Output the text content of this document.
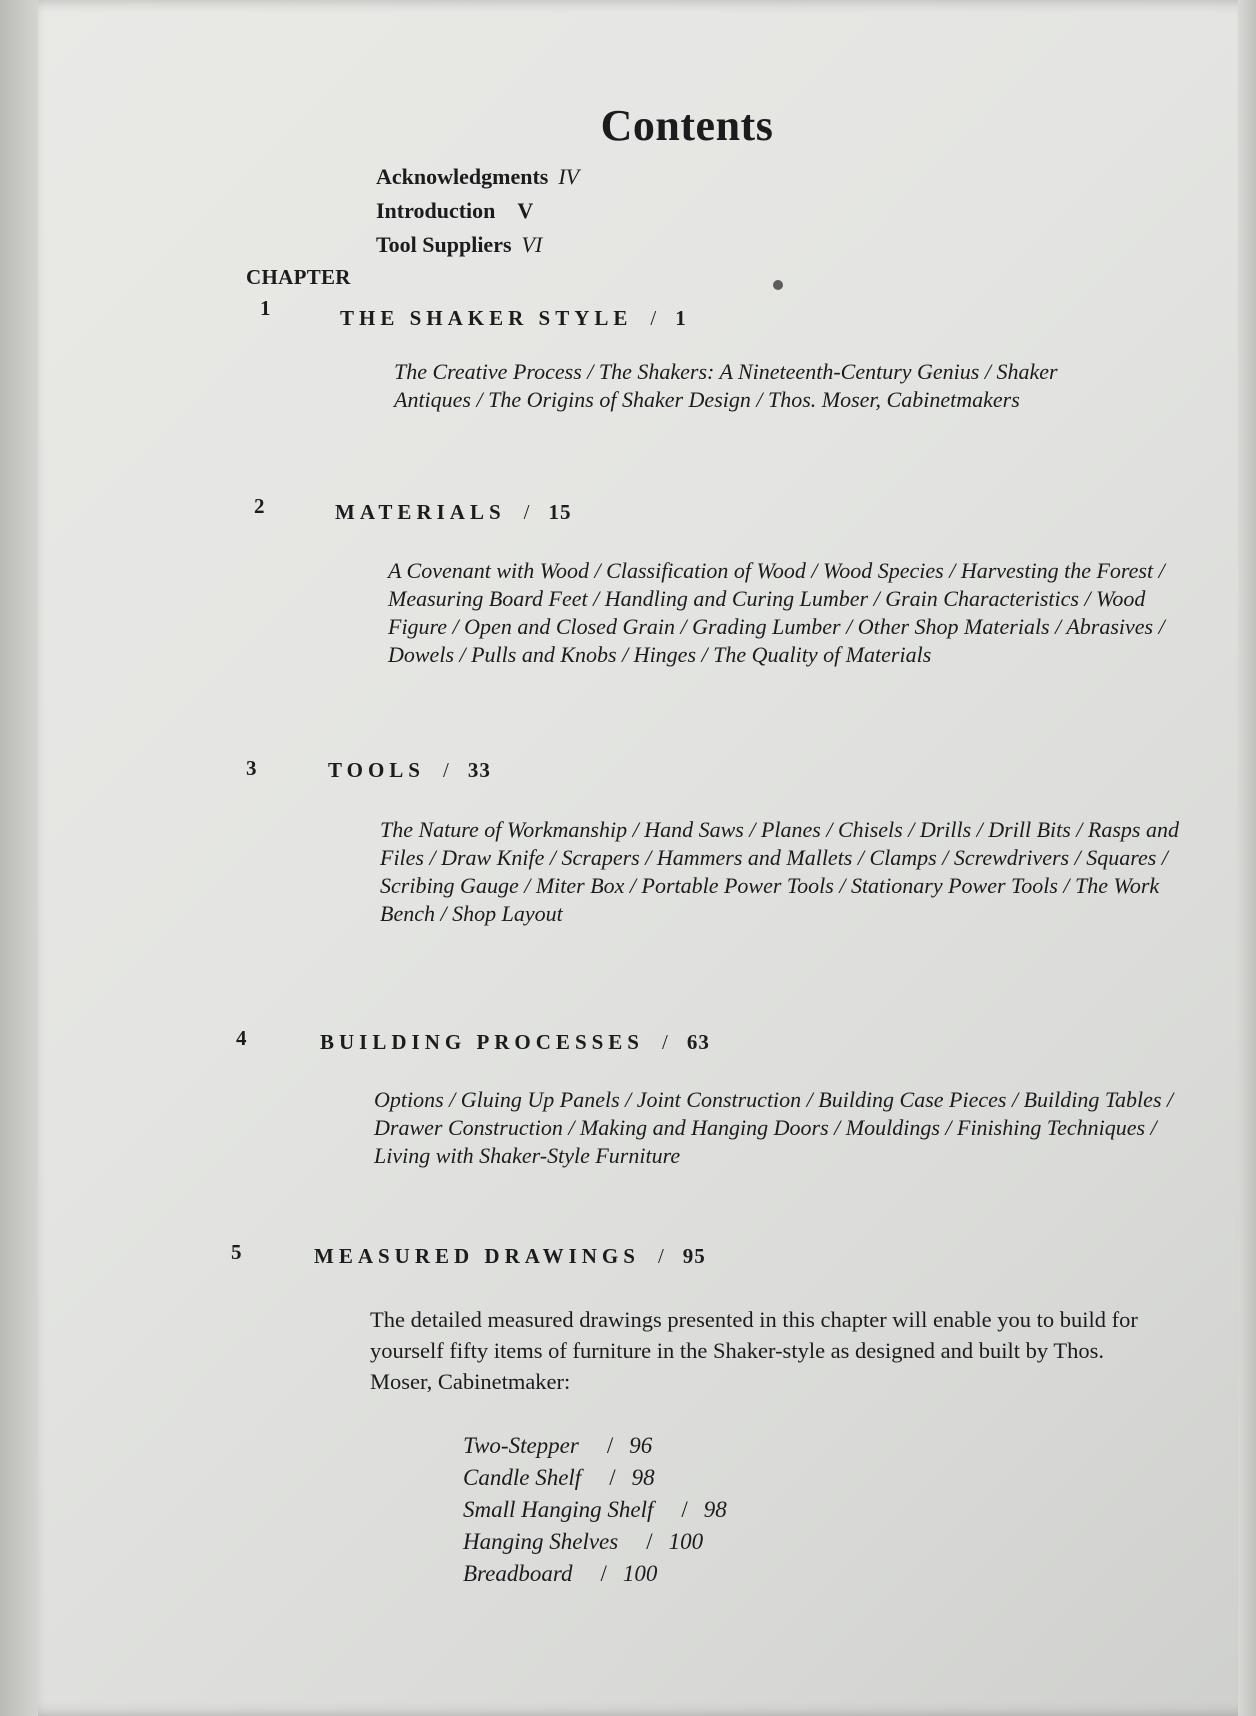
Contents
Acknowledgments IV
Introduction V
Tool Suppliers VI
CHAPTER
1	THE SHAKER STYLE / 1
The Creative Process / The Shakers: A Nineteenth-Century Genius / Shaker Antiques / The Origins of Shaker Design / Thos. Moser, Cabinetmakers
2	MATERIALS / 15
A Covenant with Wood / Classification of Wood / Wood Species / Harvesting the Forest / Measuring Board Feet / Handling and Curing Lumber / Grain Characteristics / Wood Figure / Open and Closed Grain / Grading Lumber / Other Shop Materials / Abrasives / Dowels / Pulls and Knobs / Hinges / The Quality of Materials
3	TOOLS / 33
The Nature of Workmanship / Hand Saws / Planes / Chisels / Drills / Drill Bits / Rasps and Files / Draw Knife / Scrapers / Hammers and Mallets / Clamps / Screwdrivers / Squares / Scribing Gauge / Miter Box / Portable Power Tools / Stationary Power Tools / The Work Bench / Shop Layout
4	BUILDING PROCESSES / 63
Options / Gluing Up Panels / Joint Construction / Building Case Pieces / Building Tables / Drawer Construction / Making and Hanging Doors / Mouldings / Finishing Techniques / Living with Shaker-Style Furniture
5	MEASURED DRAWINGS / 95
The detailed measured drawings presented in this chapter will enable you to build for yourself fifty items of furniture in the Shaker-style as designed and built by Thos. Moser, Cabinetmaker:
Two-Stepper / 96
Candle Shelf / 98
Small Hanging Shelf / 98
Hanging Shelves / 100
Breadboard / 100
